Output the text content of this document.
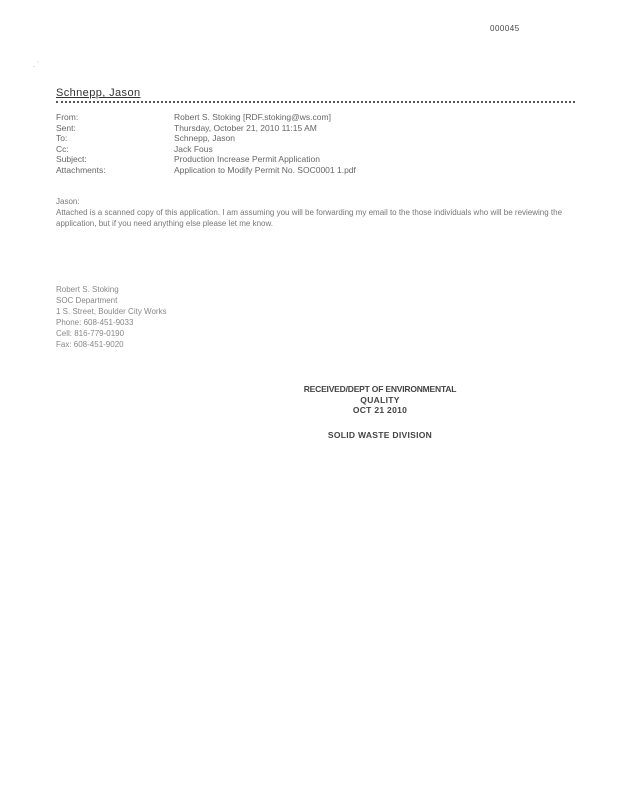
000045
. `
Schnepp, Jason
From:	Robert S. Stoking [RDF.stoking@ws.com]
Sent:	Thursday, October 21, 2010 11:15 AM
To:	Schnepp, Jason
Cc:	Jack Fous
Subject:	Production Increase Permit Application
Attachments:	Application to Modify Permit No. SOC0001 1.pdf

Jason:

Attached is a scanned copy of this application. I am assuming you will be forwarding my email to the those individuals who will be reviewing the application, but if you need anything else please let me know.

Robert S. Stoking
SOC Department
1 S. Street, Boulder City Works
Phone: 608-451-9033
Cell: 816-779-0190
Fax: 608-451-9020
RECEIVED/DEPT OF ENVIRONMENTAL
QUALITY
OCT 21 2010
SOLID WASTE DIVISION
